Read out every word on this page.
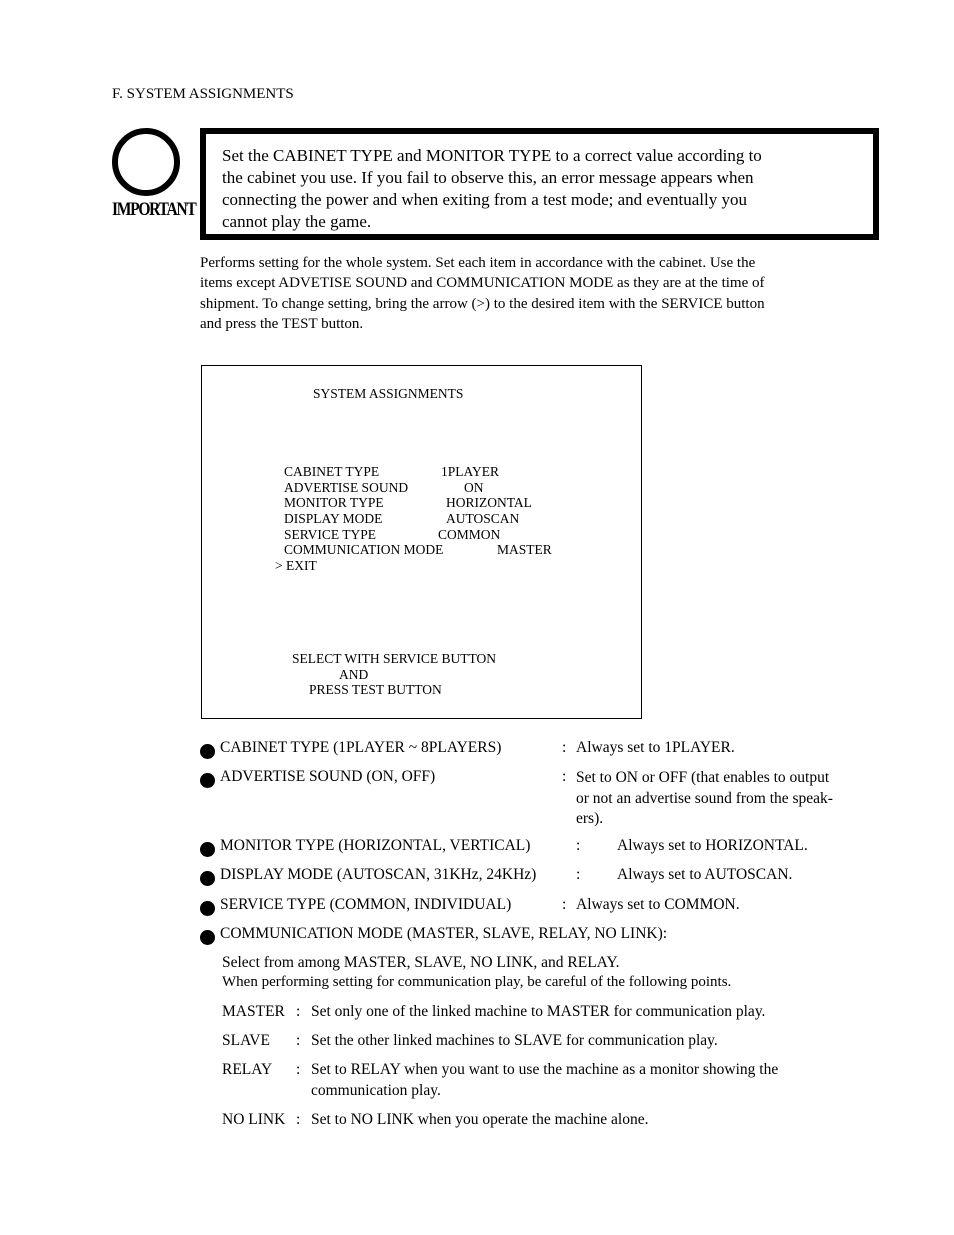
F. SYSTEM ASSIGNMENTS
IMPORTANT
Set the CABINET TYPE and MONITOR TYPE to a correct value according to
the cabinet you use. If you fail to observe this, an error message appears when
connecting the power and when exiting from a test mode; and eventually you
cannot play the game.
Performs setting for the whole system. Set each item in accordance with the cabinet. Use the
items except ADVETISE SOUND and COMMUNICATION MODE as they are at the time of
shipment. To change setting, bring the arrow (>) to the desired item with the SERVICE button
and press the TEST button.
SYSTEM ASSIGNMENTS
CABINET TYPE	1PLAYER
ADVERTISE SOUND	ON
MONITOR TYPE	HORIZONTAL
DISPLAY MODE	AUTOSCAN
SERVICE TYPE	COMMON
COMMUNICATION MODE	MASTER
> EXIT
SELECT WITH SERVICE BUTTON
AND
PRESS TEST BUTTON
CABINET TYPE (1PLAYER ~ 8PLAYERS)	: Always set to 1PLAYER.
ADVERTISE SOUND (ON, OFF)	: Set to ON or OFF (that enables to output
or not an advertise sound from the speak-
ers).
MONITOR TYPE (HORIZONTAL, VERTICAL)	: Always set to HORIZONTAL.
DISPLAY MODE (AUTOSCAN, 31KHz, 24KHz)	: Always set to AUTOSCAN.
SERVICE TYPE (COMMON, INDIVIDUAL)	: Always set to COMMON.
COMMUNICATION MODE (MASTER, SLAVE, RELAY, NO LINK):
Select from among MASTER, SLAVE, NO LINK, and RELAY.
When performing setting for communication play, be careful of the following points.
MASTER : Set only one of the linked machine to MASTER for communication play.
SLAVE : Set the other linked machines to SLAVE for communication play.
RELAY : Set to RELAY when you want to use the machine as a monitor showing the
communication play.
NO LINK : Set to NO LINK when you operate the machine alone.
